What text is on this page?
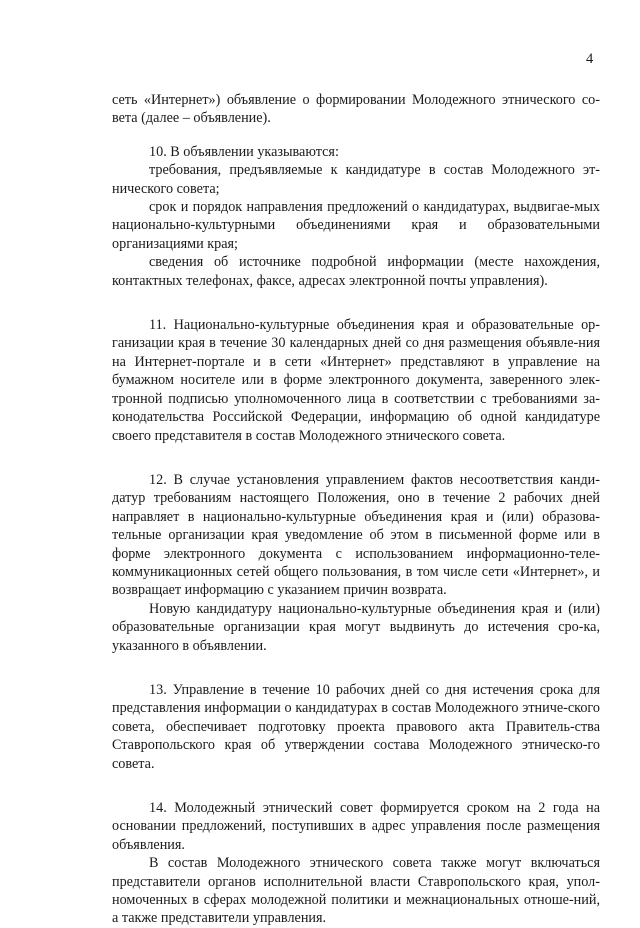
4

сеть «Интернет») объявление о формировании Молодежного этнического со-вета (далее – объявление).

10. В объявлении указываются:

требования, предъявляемые к кандидатуре в состав Молодежного эт-нического совета;

срок и порядок направления предложений о кандидатурах, выдвигае-мых национально-культурными объединениями края и образовательными организациями края;

сведения об источнике подробной информации (месте нахождения, контактных телефонах, факсе, адресах электронной почты управления).

11. Национально-культурные объединения края и образовательные ор-ганизации края в течение 30 календарных дней со дня размещения объявле-ния на Интернет-портале и в сети «Интернет» представляют в управление на бумажном носителе или в форме электронного документа, заверенного элек-тронной подписью уполномоченного лица в соответствии с требованиями за-конодательства Российской Федерации, информацию об одной кандидатуре своего представителя в состав Молодежного этнического совета.

12. В случае установления управлением фактов несоответствия канди-датур требованиям настоящего Положения, оно в течение 2 рабочих дней направляет в национально-культурные объединения края и (или) образова-тельные организации края уведомление об этом в письменной форме или в форме электронного документа с использованием информационно-теле-коммуникационных сетей общего пользования, в том числе сети «Интернет», и возвращает информацию с указанием причин возврата.

Новую кандидатуру национально-культурные объединения края и (или) образовательные организации края могут выдвинуть до истечения сро-ка, указанного в объявлении.

13. Управление в течение 10 рабочих дней со дня истечения срока для представления информации о кандидатурах в состав Молодежного этниче-ского совета, обеспечивает подготовку проекта правового акта Правитель-ства Ставропольского края об утверждении состава Молодежного этническо-го совета.

14. Молодежный этнический совет формируется сроком на 2 года на основании предложений, поступивших в адрес управления после размещения объявления.

В состав Молодежного этнического совета также могут включаться представители органов исполнительной власти Ставропольского края, упол-номоченных в сферах молодежной политики и межнациональных отноше-ний, а также представители управления.
